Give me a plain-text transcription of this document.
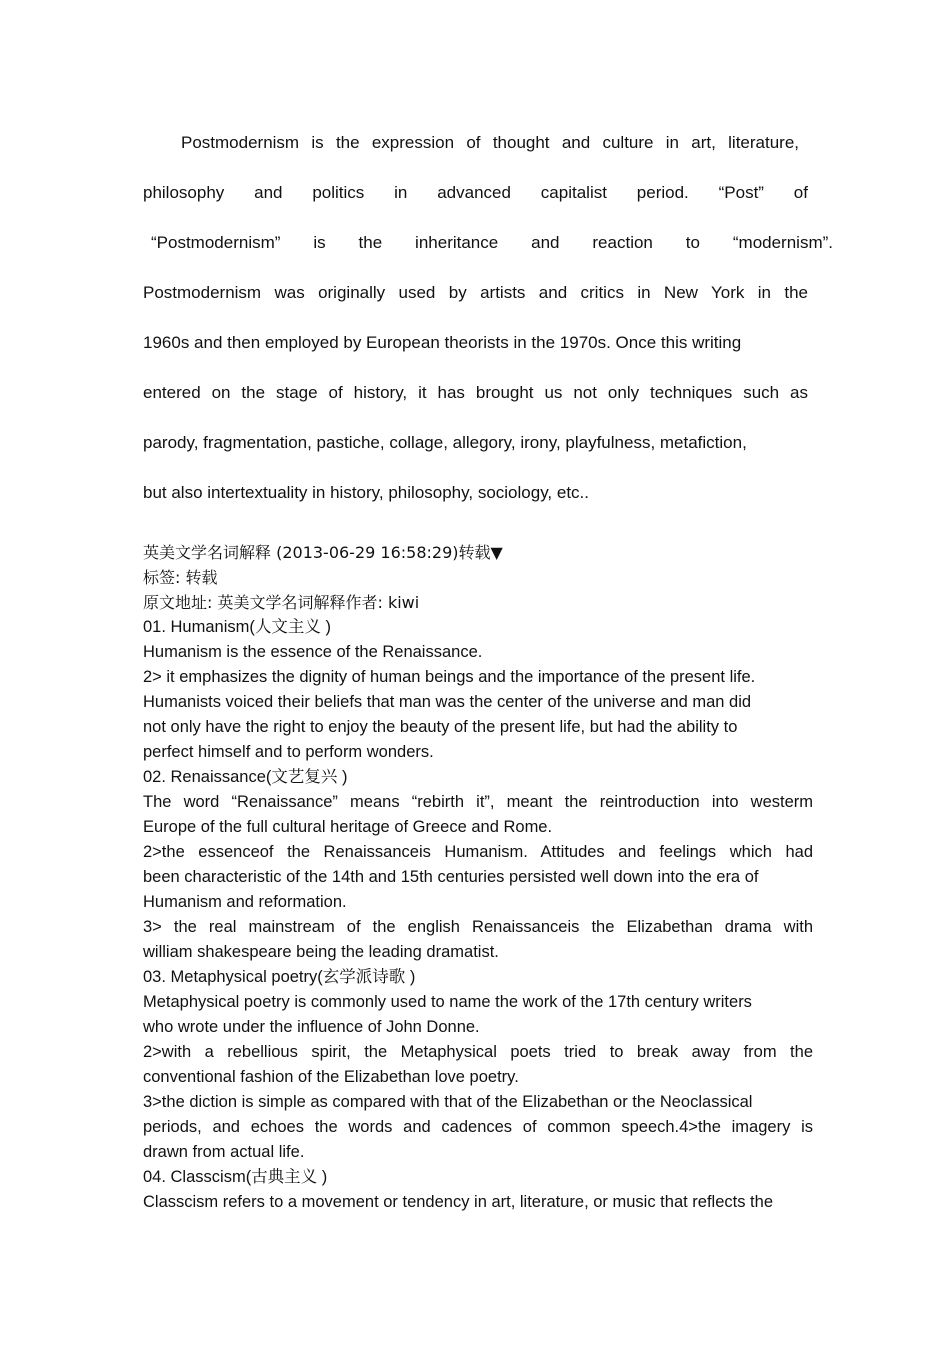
Postmodernism is the expression of thought and culture in art, literature,
philosophy and politics in advanced capitalist period. “Post” of
“Postmodernism” is the inheritance and reaction to “modernism”.
Postmodernism was originally used by artists and critics in New York in the
1960s and then employed by European theorists in the 1970s. Once this writing
entered on the stage of history, it has brought us not only techniques such as
parody, fragmentation, pastiche, collage, allegory, irony, playfulness, metafiction,
but also intertextuality in history, philosophy, sociology, etc..
英美文学名词解释 (2013-06-29 16:58:29)转载▼
标签: 转载
原文地址: 英美文学名词解释作者: kiwi
01. Humanism(人文主义 )
Humanism is the essence of the Renaissance.
2> it emphasizes the dignity of human beings and the importance of the present life.
Humanists voiced their beliefs that man was the center of the universe and man did
not only have the right to enjoy the beauty of the present life, but had the ability to
perfect himself and to perform wonders.
02. Renaissance(文艺复兴 )
The word “Renaissance” means “rebirth it”, meant the reintroduction into westerm
Europe of the full cultural heritage of Greece and Rome.
2>the essenceof the Renaissanceis Humanism. Attitudes and feelings which had
been characteristic of the 14th and 15th centuries persisted well down into the era of
Humanism and reformation.
3> the real mainstream of the english Renaissanceis the Elizabethan drama with
william shakespeare being the leading dramatist.
03. Metaphysical poetry(玄学派诗歌 )
Metaphysical poetry is commonly used to name the work of the 17th century writers
who wrote under the influence of John Donne.
2>with a rebellious spirit, the Metaphysical poets tried to break away from the
conventional fashion of the Elizabethan love poetry.
3>the diction is simple as compared with that of the Elizabethan or the Neoclassical
periods, and echoes the words and cadences of common speech.4>the imagery is
drawn from actual life.
04. Classcism(古典主义 )
Classcism refers to a movement or tendency in art, literature, or music that reflects the
